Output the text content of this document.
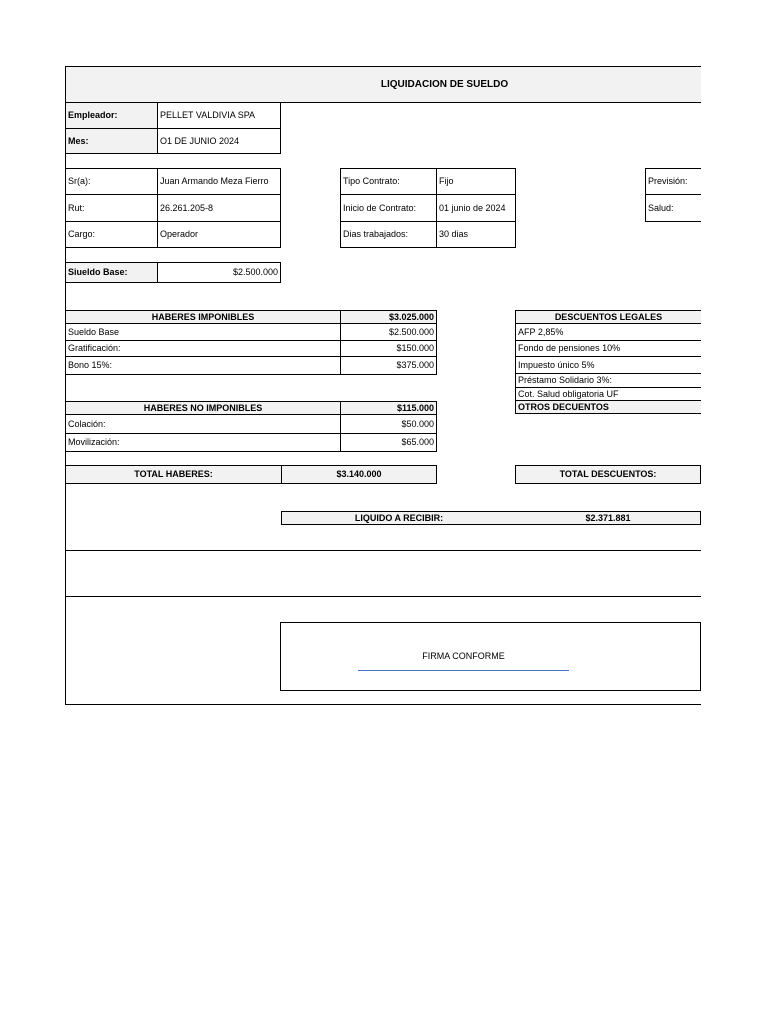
LIQUIDACION DE SUELDO
Empleador:	PELLET VALDIVIA SPA
Mes:	O1 DE JUNIO 2024
Sr(a):	Juan Armando Meza Fierro
Rut:	26.261.205-8
Cargo:	Operador
Tipo Contrato:	Fijo
Inicio de Contrato:	01 junio de 2024
Dias trabajados:	30 dias
Previsión:
Salud:
Siueldo Base:	$2.500.000
HABERES IMPONIBLES	$3.025.000
Sueldo Base	$2.500.000
Gratificación:	$150.000
Bono 15%:	$375.000
DESCUENTOS LEGALES
AFP 2,85%
Fondo de pensiones 10%
Impuesto único 5%
Préstamo Solidario 3%:
Cot. Salud obligatoria UF
OTROS DECUENTOS
HABERES NO IMPONIBLES	$115.000
Colación:	$50.000
Movilización:	$65.000
TOTAL HABERES:	$3.140.000	TOTAL DESCUENTOS:
LIQUIDO A RECIBIR:	$2.371.881
FIRMA CONFORME
